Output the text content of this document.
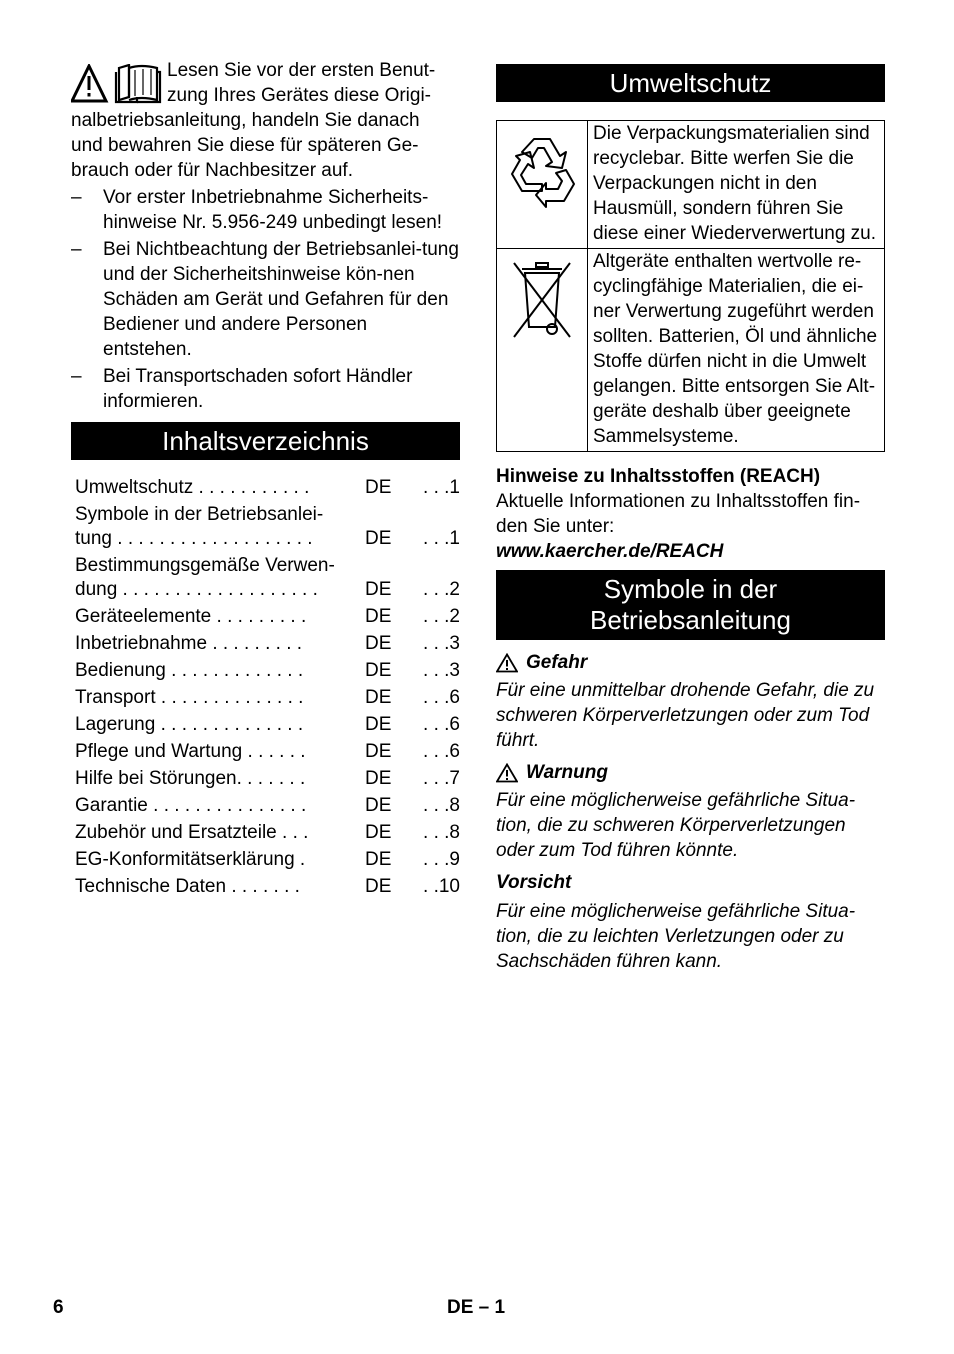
Lesen Sie vor der ersten Benut-

zung Ihres Gerätes diese Origi-

nalbetriebsanleitung, handeln Sie danach

und bewahren Sie diese für späteren Ge-

brauch oder für Nachbesitzer auf.

– Vor erster Inbetriebnahme Sicherheits-hinweise Nr. 5.956-249 unbedingt lesen!
– Bei Nichtbeachtung der Betriebsanlei-tung und der Sicherheitshinweise kön-nen Schäden am Gerät und Gefahren für den Bediener und andere Personen entstehen.
– Bei Transportschaden sofort Händler informieren.
Inhaltsverzeichnis
Umweltschutz . . . . . . . . . . .	DE	. . .1
Symbole in der Betriebsanlei-
tung . . . . . . . . . . . . . . . . . . .	DE	. . .1
Bestimmungsgemäße Verwen-
dung . . . . . . . . . . . . . . . . . . .	DE	. . .2
Geräteelemente . . . . . . . . .	DE	. . .2
Inbetriebnahme . . . . . . . . .	DE	. . .3
Bedienung . . . . . . . . . . . . .	DE	. . .3
Transport . . . . . . . . . . . . . .	DE	. . .6
Lagerung . . . . . . . . . . . . . .	DE	. . .6
Pflege und Wartung . . . . . .	DE	. . .6
Hilfe bei Störungen. . . . . . .	DE	. . .7
Garantie . . . . . . . . . . . . . . .	DE	. . .8
Zubehör und Ersatzteile . . .	DE	. . .8
EG-Konformitätserklärung .	DE	. . .9
Technische Daten . . . . . . .	DE	. .10
Umweltschutz
	Die Verpackungsmaterialien sind recyclebar. Bitte werfen Sie die Verpackungen nicht in den Hausmüll, sondern führen Sie diese einer Wiederverwertung zu.
	Altgeräte enthalten wertvolle re-cyclingfähige Materialien, die ei-ner Verwertung zugeführt werden sollten. Batterien, Öl und ähnliche Stoffe dürfen nicht in die Umwelt gelangen. Bitte entsorgen Sie Alt-geräte deshalb über geeignete Sammelsysteme.

Hinweise zu Inhaltsstoffen (REACH)

Aktuelle Informationen zu Inhaltsstoffen fin-den Sie unter:

www.kaercher.de/REACH

Symbole in der
Betriebsanleitung
Gefahr

Für eine unmittelbar drohende Gefahr, die zu schweren Körperverletzungen oder zum Tod führt.

Warnung

Für eine möglicherweise gefährliche Situa-tion, die zu schweren Körperverletzungen oder zum Tod führen könnte.

Vorsicht

Für eine möglicherweise gefährliche Situa-tion, die zu leichten Verletzungen oder zu Sachschäden führen kann.

6	DE – 1
